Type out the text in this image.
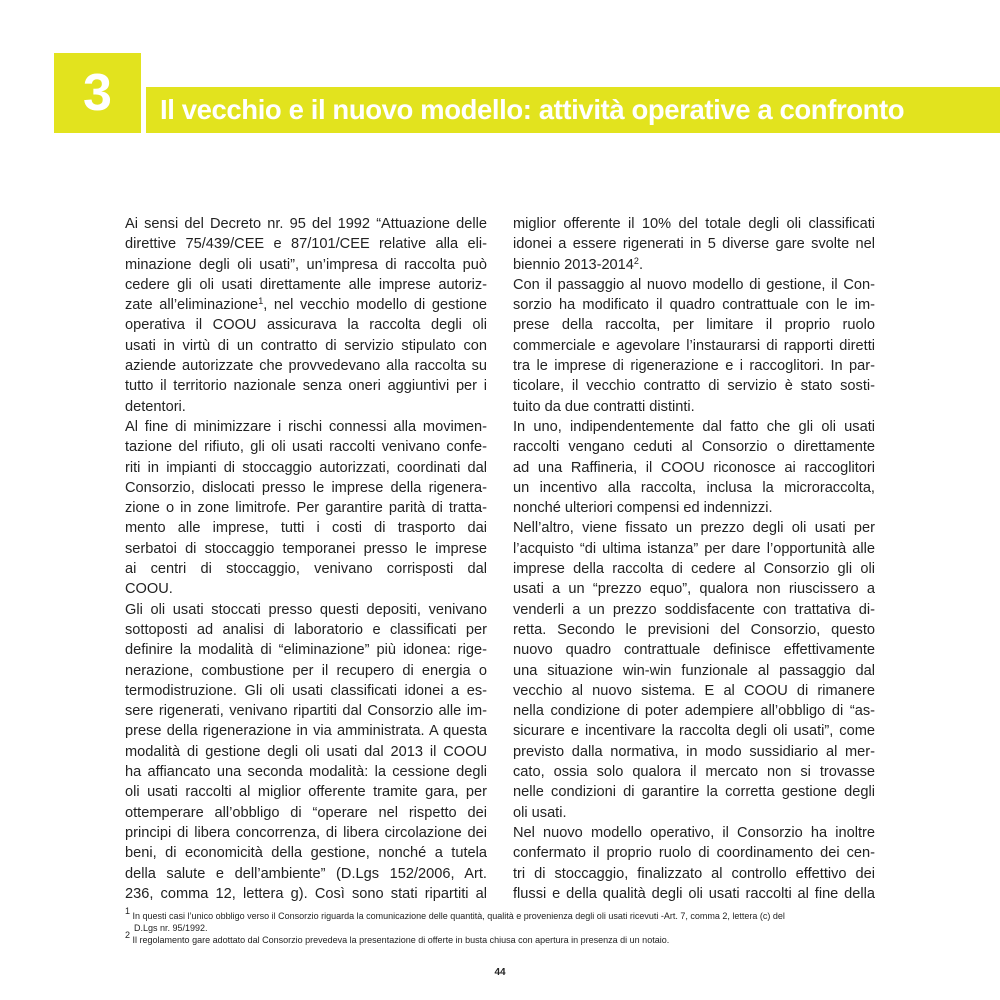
3 Il vecchio e il nuovo modello: attività operative a confronto
Ai sensi del Decreto nr. 95 del 1992 “Attuazione delle
direttive 75/439/CEE e 87/101/CEE relative alla eli-
minazione degli oli usati”, un’impresa di raccolta può
cedere gli oli usati direttamente alle imprese autoriz-
zate all’eliminazione$^1$, nel vecchio modello di gestione
operativa il COOU assicurava la raccolta degli oli
usati in virtù di un contratto di servizio stipulato con
aziende autorizzate che provvedevano alla raccolta su
tutto il territorio nazionale senza oneri aggiuntivi per i
detentori.
Al fine di minimizzare i rischi connessi alla movimen-
tazione del rifiuto, gli oli usati raccolti venivano confe-
riti in impianti di stoccaggio autorizzati, coordinati dal
Consorzio, dislocati presso le imprese della rigenera-
zione o in zone limitrofe. Per garantire parità di tratta-
mento alle imprese, tutti i costi di trasporto dai
serbatoi di stoccaggio temporanei presso le imprese
ai centri di stoccaggio, venivano corrisposti dal
COOU.
Gli oli usati stoccati presso questi depositi, venivano
sottoposti ad analisi di laboratorio e classificati per
definire la modalità di “eliminazione” più idonea: rige-
nerazione, combustione per il recupero di energia o
termodistruzione. Gli oli usati classificati idonei a es-
sere rigenerati, venivano ripartiti dal Consorzio alle im-
prese della rigenerazione in via amministrata. A questa
modalità di gestione degli oli usati dal 2013 il COOU
ha affiancato una seconda modalità: la cessione degli
oli usati raccolti al miglior offerente tramite gara, per
ottemperare all’obbligo di “operare nel rispetto dei
principi di libera concorrenza, di libera circolazione dei
beni, di economicità della gestione, nonché a tutela
della salute e dell’ambiente” (D.Lgs 152/2006, Art.
236, comma 12, lettera g). Così sono stati ripartiti al
miglior offerente il 10% del totale degli oli classificati
idonei a essere rigenerati in 5 diverse gare svolte nel
biennio 2013-2014$^2$.
Con il passaggio al nuovo modello di gestione, il Con-
sorzio ha modificato il quadro contrattuale con le im-
prese della raccolta, per limitare il proprio ruolo
commerciale e agevolare l’instaurarsi di rapporti diretti
tra le imprese di rigenerazione e i raccoglitori. In par-
ticolare, il vecchio contratto di servizio è stato sosti-
tuito da due contratti distinti.
In uno, indipendentemente dal fatto che gli oli usati
raccolti vengano ceduti al Consorzio o direttamente
ad una Raffineria, il COOU riconosce ai raccoglitori
un incentivo alla raccolta, inclusa la microraccolta,
nonché ulteriori compensi ed indennizzi.
Nell’altro, viene fissato un prezzo degli oli usati per
l’acquisto “di ultima istanza” per dare l’opportunità alle
imprese della raccolta di cedere al Consorzio gli oli
usati a un “prezzo equo”, qualora non riuscissero a
venderli a un prezzo soddisfacente con trattativa di-
retta. Secondo le previsioni del Consorzio, questo
nuovo quadro contrattuale definisce effettivamente
una situazione win-win funzionale al passaggio dal
vecchio al nuovo sistema. E al COOU di rimanere
nella condizione di poter adempiere all’obbligo di “as-
sicurare e incentivare la raccolta degli oli usati”, come
previsto dalla normativa, in modo sussidiario al mer-
cato, ossia solo qualora il mercato non si trovasse
nelle condizioni di garantire la corretta gestione degli
oli usati.
Nel nuovo modello operativo, il Consorzio ha inoltre
confermato il proprio ruolo di coordinamento dei cen-
tri di stoccaggio, finalizzato al controllo effettivo dei
flussi e della qualità degli oli usati raccolti al fine della
$^1$ In questi casi l’unico obbligo verso il Consorzio riguarda la comunicazione delle quantità, qualità e provenienza degli oli usati ricevuti -Art. 7, comma 2, lettera (c) del
D.Lgs nr. 95/1992.
$^2$ Il regolamento gare adottato dal Consorzio prevedeva la presentazione di offerte in busta chiusa con apertura in presenza di un notaio.
44
